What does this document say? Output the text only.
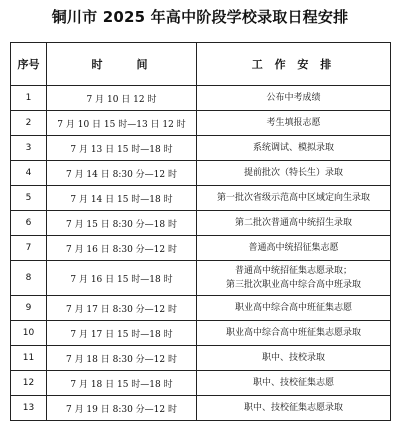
铜川市 2025 年高中阶段学校录取日程安排
序号	时　　间	工 作 安 排
1	7 月 10 日 12 时	公布中考成绩

2	7 月 10 日 15 时—13 日 12 时	考生填报志愿

3	7 月 13 日 15 时—18 时	系统调试、模拟录取

4	7 月 14 日 8:30 分—12 时	提前批次（特长生）录取

5	7 月 14 日 15 时—18 时	第一批次省级示范高中区域定向生录取

6	7 月 15 日 8:30 分—18 时	第二批次普通高中统招生录取

7	7 月 16 日 8:30 分—12 时	普通高中统招征集志愿

8	7 月 16 日 15 时—18 时	普通高中统招征集志愿录取；
第三批次职业高中综合高中班录取

9	7 月 17 日 8:30 分—12 时	职业高中综合高中班征集志愿

10	7 月 17 日 15 时—18 时	职业高中综合高中班征集志愿录取

11	7 月 18 日 8:30 分—12 时	职中、技校录取

12	7 月 18 日 15 时—18 时	职中、技校征集志愿

13	7 月 19 日 8:30 分—12 时	职中、技校征集志愿录取
